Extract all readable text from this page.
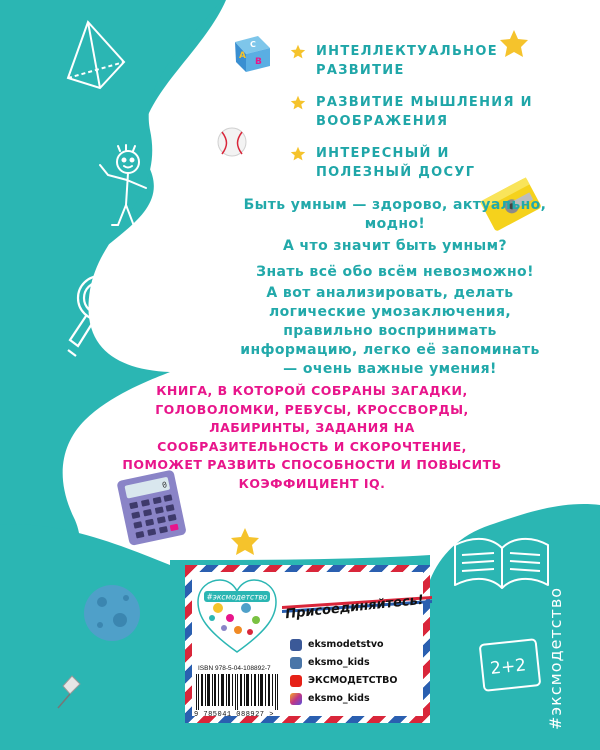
A
B
C
0
2+2
ИНТЕЛЛЕКТУАЛЬНОЕ РАЗВИТИЕ
РАЗВИТИЕ МЫШЛЕНИЯ И ВООБРАЖЕНИЯ
ИНТЕРЕСНЫЙ И ПОЛЕЗНЫЙ ДОСУГ
Быть умным — здорово, актуально, модно!
А что значит быть умным?
Знать всё обо всём невозможно!
А вот анализировать, делать логические умозаключения, правильно воспринимать информацию, легко её запоминать — очень важные умения!
КНИГА, В КОТОРОЙ СОБРАНЫ ЗАГАДКИ, ГОЛОВОЛОМКИ, РЕБУСЫ, КРОССВОРДЫ, ЛАБИРИНТЫ, ЗАДАНИЯ НА СООБРАЗИТЕЛЬНОСТЬ И СКОРОЧТЕНИЕ, ПОМОЖЕТ РАЗВИТЬ СПОСОБНОСТИ И ПОВЫСИТЬ КОЭФФИЦИЕНТ IQ.
#эксмодетство
#эксмодетство Присоединяйтесь!
eksmodetstvo
eksmo_kids
ЭКСМОДЕТСТВО
eksmo_kids
ISBN 978-5-04-108892-7
9 785041 088927 >
